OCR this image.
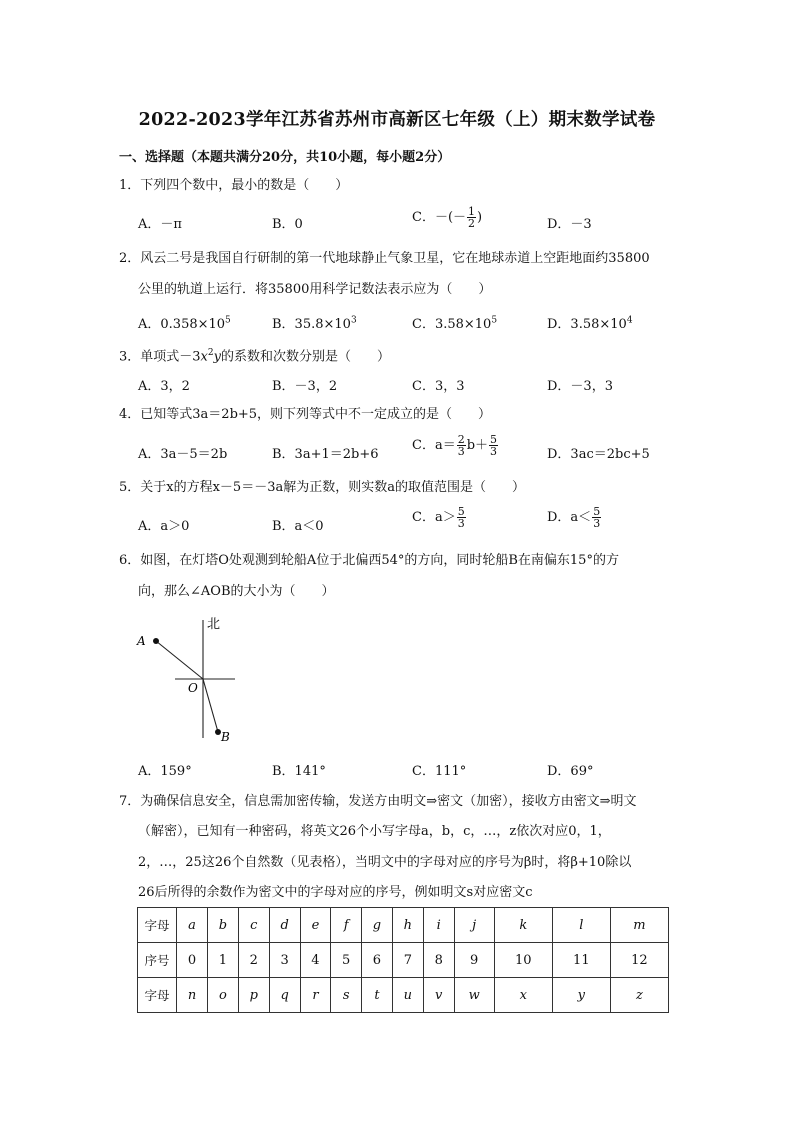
2022-2023学年江苏省苏州市高新区七年级（上）期末数学试卷
一、选择题（本题共满分20分，共10小题，每小题2分）
1．下列四个数中，最小的数是（　　）
A．－π	B．0	C．－(－ $\frac{1}{2}$ )	D．－3
2．风云二号是我国自行研制的第一代地球静止气象卫星，它在地球赤道上空距地面约35800
公里的轨道上运行．将35800用科学记数法表示应为（　　）
A．$0.358\times 10^5$	B．$35.8\times 10^3$	C．$3.58\times 10^5$	D．$3.58\times 10^4$
3．单项式$-3x^2y$的系数和次数分别是（　　）
A．3，2	B．－3，2	C．3，3	D．－3，3
4．已知等式3a＝2b+5，则下列等式中不一定成立的是（　　）
A．3a－5＝2b	B．3a+1＝2b+6
C．$a= \frac{2}{3} b+ \frac{5}{3}$	D．3ac＝2bc+5
5．关于x的方程x－5＝－3a解为正数，则实数a的取值范围是（　　）
A．a＞0	B．a＜0
C．$a> \frac{5}{3}$	D．$a< \frac{5}{3}$
6．如图，在灯塔O处观测到轮船A位于北偏西54°的方向，同时轮船B在南偏东15°的方
向，那么∠AOB的大小为（　　）
北
A
O
B
A．159°	B．141°	C．111°	D．69°
7．为确保信息安全，信息需加密传输，发送方由明文⇒密文（加密），接收方由密文⇒明文
（解密），已知有一种密码，将英文26个小写字母a，b，c，…，z依次对应0，1，
2，…，25这26个自然数（见表格），当明文中的字母对应的序号为β时，将β+10除以
26后所得的余数作为密文中的字母对应的序号，例如明文s对应密文c
字母	a	b	c	d	e	f	g	h	i	j	k	l	m
序号	0	1	2	3	4	5	6	7	8	9	10	11	12
字母	n	o	p	q	r	s	t	u	v	w	x	y	z
